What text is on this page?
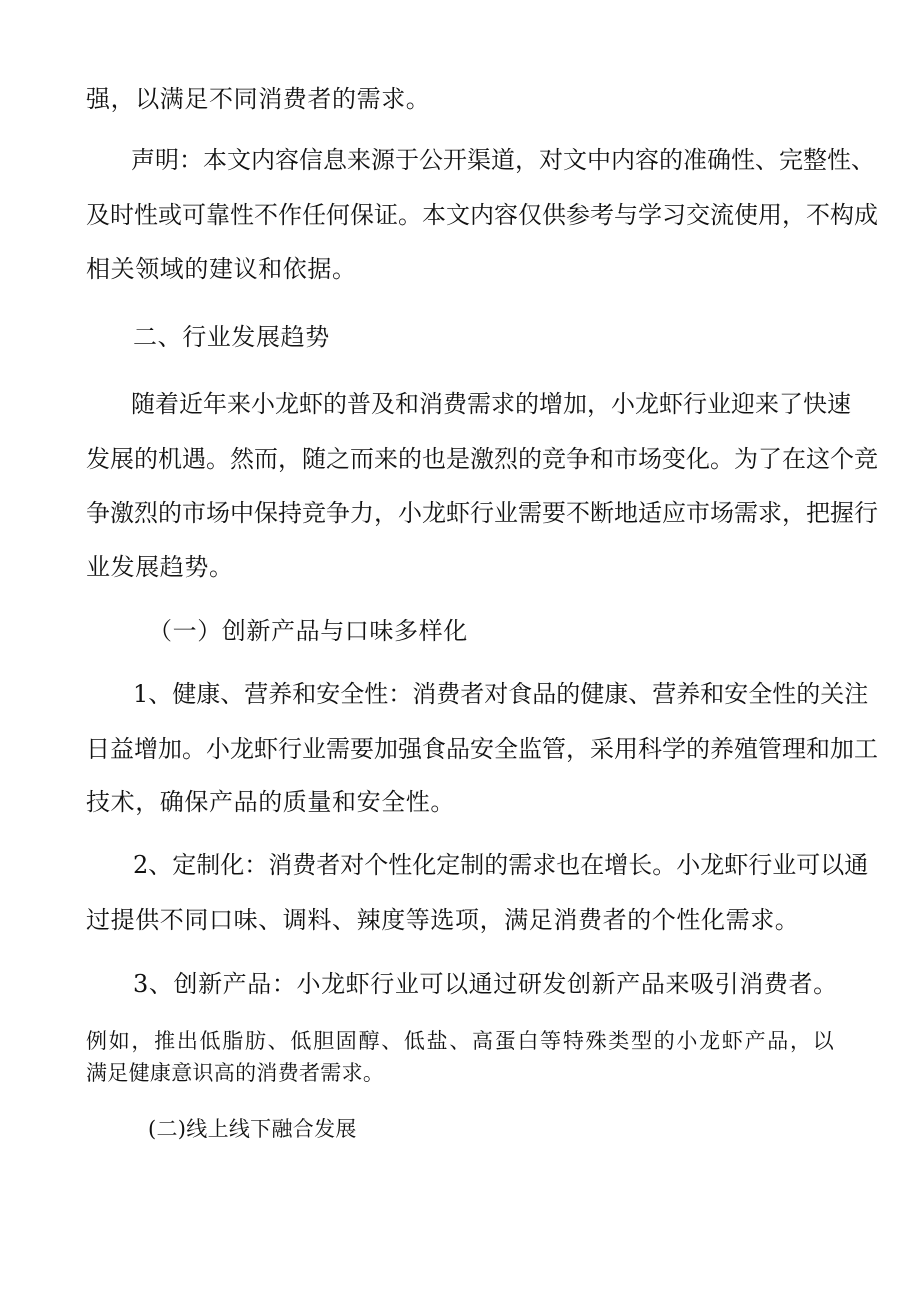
强，以满足不同消费者的需求。
声明：本文内容信息来源于公开渠道，对文中内容的准确性、完整性、
及时性或可靠性不作任何保证。本文内容仅供参考与学习交流使用，不构成
相关领域的建议和依据。
二、行业发展趋势
随着近年来小龙虾的普及和消费需求的增加，小龙虾行业迎来了快速
发展的机遇。然而，随之而来的也是激烈的竞争和市场变化。为了在这个竞
争激烈的市场中保持竞争力，小龙虾行业需要不断地适应市场需求，把握行
业发展趋势。
（一）创新产品与口味多样化
1、健康、营养和安全性：消费者对食品的健康、营养和安全性的关注
日益增加。小龙虾行业需要加强食品安全监管，采用科学的养殖管理和加工
技术，确保产品的质量和安全性。
2、定制化：消费者对个性化定制的需求也在增长。小龙虾行业可以通
过提供不同口味、调料、辣度等选项，满足消费者的个性化需求。
3、创新产品：小龙虾行业可以通过研发创新产品来吸引消费者。
例如，推出低脂肪、低胆固醇、低盐、高蛋白等特殊类型的小龙虾产品，以
满足健康意识高的消费者需求。
(二)线上线下融合发展
